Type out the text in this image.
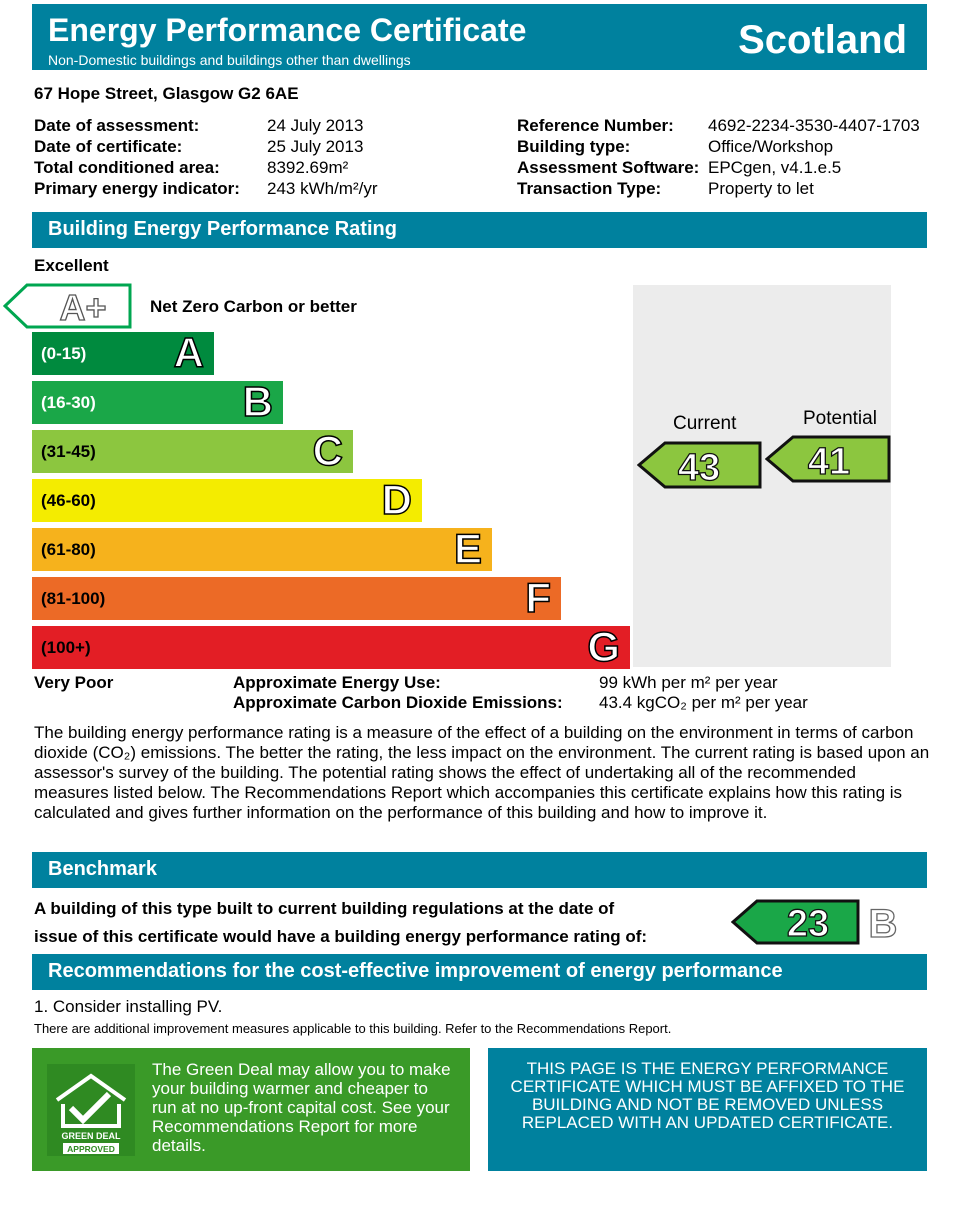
Energy Performance Certificate
Non-Domestic buildings and buildings other than dwellings	Scotland
67 Hope Street, Glasgow G2 6AE
Date of assessment:	24 July 2013
Date of certificate:	25 July 2013
Total conditioned area:	8392.69m²
Primary energy indicator: 243 kWh/m²/yr
Reference Number: 4692-2234-3530-4407-1703
Building type:	Office/Workshop
Assessment Software: EPCgen, v4.1.e.5
Transaction Type:	Property to let
Building Energy Performance Rating
Excellent
A+	Net Zero Carbon or better
(0-15) A
(16-30)	B
(31-45)	C
(46-60)	D
(61-80)	E
(81-100)	F
(100+)	G
Current	Potential
43 41
Very Poor	Approximate Energy Use:	99 kWh per m² per year
Approximate Carbon Dioxide Emissions: 43.4 kgCO₂ per m² per year
The building energy performance rating is a measure of the effect of a building on the environment in terms of carbon dioxide (CO₂) emissions. The better the rating, the less impact on the environment. The current rating is based upon an assessor's survey of the building. The potential rating shows the effect of undertaking all of the recommended measures listed below. The Recommendations Report which accompanies this certificate explains how this rating is calculated and gives further information on the performance of this building and how to improve it.
Benchmark
A building of this type built to current building regulations at the date of
issue of this certificate would have a building energy performance rating of:	23 B
Recommendations for the cost-effective improvement of energy performance
1. Consider installing PV.
There are additional improvement measures applicable to this building. Refer to the Recommendations Report.
GREEN DEAL
APPROVED
The Green Deal may allow you to make your building warmer and cheaper to run at no up-front capital cost. See your Recommendations Report for more details.
THIS PAGE IS THE ENERGY PERFORMANCE CERTIFICATE WHICH MUST BE AFFIXED TO THE BUILDING AND NOT BE REMOVED UNLESS REPLACED WITH AN UPDATED CERTIFICATE.
